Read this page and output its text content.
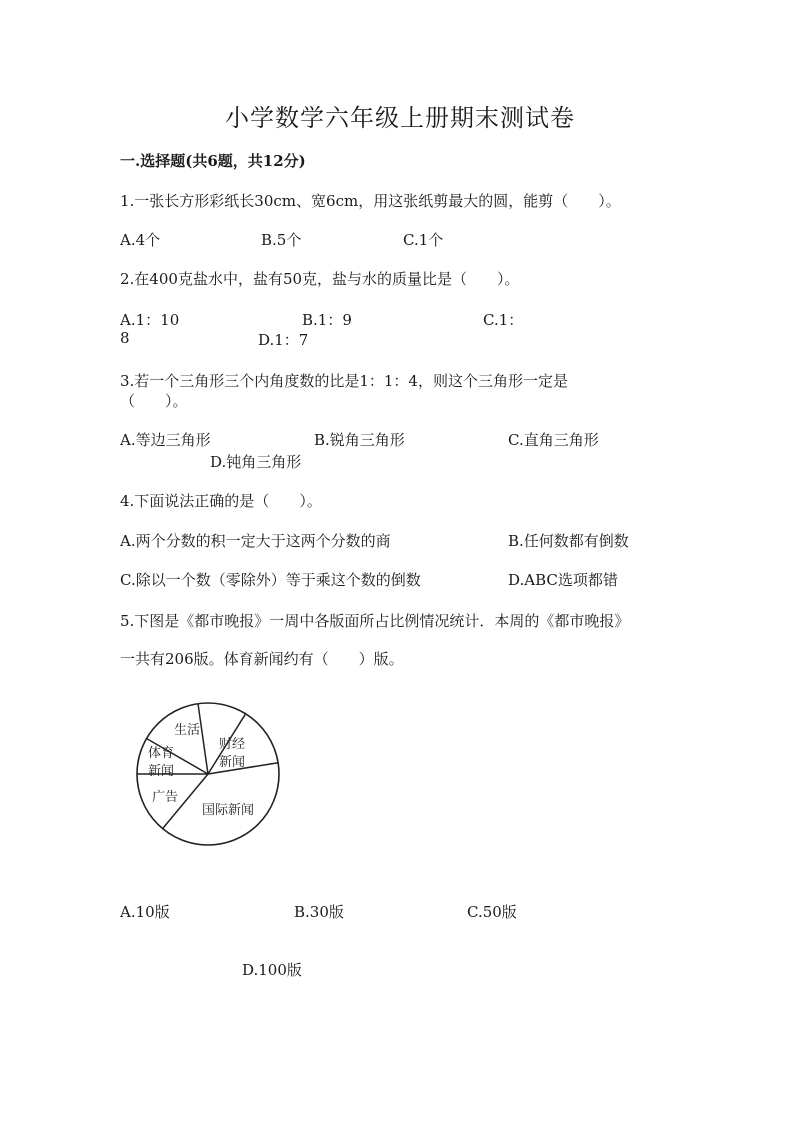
小学数学六年级上册期末测试卷
一.选择题(共6题，共12分)
1.一张长方形彩纸长30cm、宽6cm，用这张纸剪最大的圆，能剪（　　）。
A.4个	B.5个	C.1个
2.在400克盐水中，盐有50克，盐与水的质量比是（　　）。
A.1：10	B.1：9	C.1：
8	D.1：7
3.若一个三角形三个内角度数的比是1：1：4，则这个三角形一定是
（　　）。
A.等边三角形	B.锐角三角形	C.直角三角形
D.钝角三角形
4.下面说法正确的是（　　）。
A.两个分数的积一定大于这两个分数的商	B.任何数都有倒数
C.除以一个数（零除外）等于乘这个数的倒数	D.ABC选项都错
5.下图是《都市晚报》一周中各版面所占比例情况统计．本周的《都市晚报》
一共有206版。体育新闻约有（　　）版。
生活
财经
新闻
体育
新闻
广告
国际新闻
A.10版	B.30版	C.50版
D.100版
